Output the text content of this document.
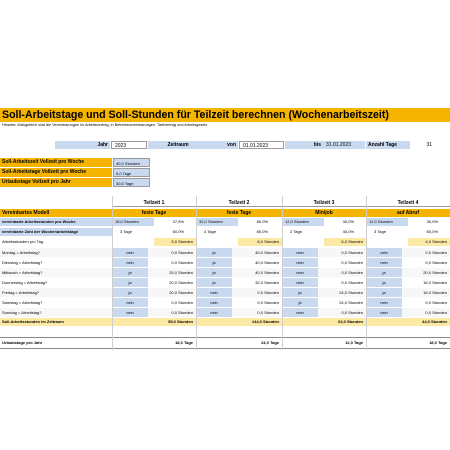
Soll-Arbeitstage und Soll-Stunden für Teilzeit berechnen (Wochenarbeitszeit)
Hinweis: Maßgeblich sind die Vereinbarungen im Arbeitsvertrag, in Betriebsvereinbarungen, Tarifvertrag und Arbeitsgesetz
Jahr	2023	Zeitraum	von	01.01.2023	bis	31.01.2023	Anzahl Tage	31
Soll-Arbeitszeit Vollzeit pro Woche	40,0 Stunden
Soll-Arbeitstage Vollzeit pro Woche	5,0 Tage
Urlaubstage Vollzeit pro Jahr	30,0 Tage
Teilzeit 1	Teilzeit 2	Teilzeit 3	Teilzeit 4
Vereinbartes Modell	feste Tage	feste Tage	Minijob	auf Abruf
vereinbarte Arbeitsstunden pro Woche	15,0 Stunden	37,5%	32,0 Stunden	80,0%	12,0 Stunden	30,0%	12,0 Stunden	30,0%
vereinbarte Zahl der Wochenarbeitstage	3 Tage	60,0%	4 Tage	80,0%	2 Tage	40,0%	3 Tage	60,0%
Arbeitsstunden pro Tag	5,0 Stunden	8,0 Stunden	6,0 Stunden	4,0 Stunden
Montag = Arbeitstag?	nein	0,0 Stunden	ja	40,0 Stunden	nein	0,0 Stunden	nein	0,0 Stunden
Dienstag = Arbeitstag?	nein	0,0 Stunden	ja	40,0 Stunden	nein	0,0 Stunden	nein	0,0 Stunden
Mittwoch = Arbeitstag?	ja	25,0 Stunden	ja	40,0 Stunden	nein	0,0 Stunden	ja	20,0 Stunden
Donnerstag = Arbeitstag?	ja	20,0 Stunden	ja	32,0 Stunden	nein	0,0 Stunden	ja	16,0 Stunden
Freitag = Arbeitstag?	ja	20,0 Stunden	nein	0,0 Stunden	ja	24,0 Stunden	ja	16,0 Stunden
Samstag = Arbeitstag?	nein	0,0 Stunden	nein	0,0 Stunden	ja	24,0 Stunden	nein	0,0 Stunden
Sonntag = Arbeitstag?	nein	0,0 Stunden	nein	0,0 Stunden	nein	0,0 Stunden	nein	0,0 Stunden
Soll-Arbeitsstunden im Zeitraum	55,0 Stunden	144,0 Stunden	62,0 Stunden	44,0 Stunden
Urlaubstage pro Jahr	18,0 Tage	24,0 Tage	12,0 Tage	18,0 Tage
